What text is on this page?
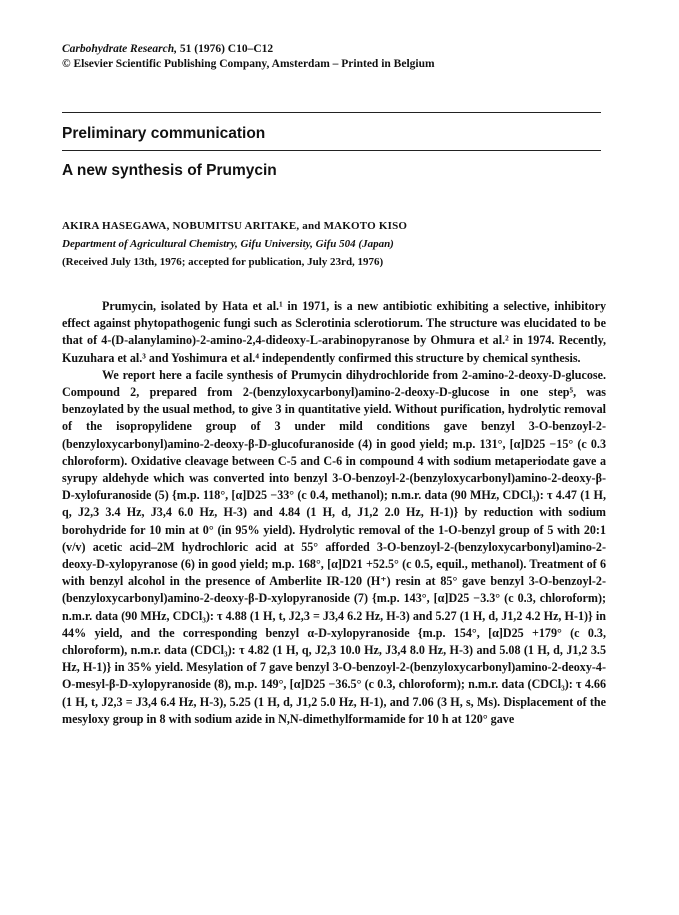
Carbohydrate Research, 51 (1976) C10–C12
© Elsevier Scientific Publishing Company, Amsterdam – Printed in Belgium
Preliminary communication
A new synthesis of Prumycin
AKIRA HASEGAWA, NOBUMITSU ARITAKE, and MAKOTO KISO
Department of Agricultural Chemistry, Gifu University, Gifu 504 (Japan)
(Received July 13th, 1976; accepted for publication, July 23rd, 1976)

Prumycin, isolated by Hata et al.¹ in 1971, is a new antibiotic exhibiting a selective, inhibitory effect against phytopathogenic fungi such as Sclerotinia sclerotiorum. The structure was elucidated to be that of 4-(D-alanylamino)-2-amino-2,4-dideoxy-L-arabinopyranose by Ohmura et al.² in 1974. Recently, Kuzuhara et al.³ and Yoshimura et al.⁴ independently confirmed this structure by chemical synthesis.

We report here a facile synthesis of Prumycin dihydrochloride from 2-amino-2-deoxy-D-glucose. Compound 2, prepared from 2-(benzyloxycarbonyl)amino-2-deoxy-D-glucose in one step⁵, was benzoylated by the usual method, to give 3 in quantitative yield. Without purification, hydrolytic removal of the isopropylidene group of 3 under mild conditions gave benzyl 3-O-benzoyl-2-(benzyloxycarbonyl)amino-2-deoxy-β-D-glucofuranoside (4) in good yield; m.p. 131°, [α]D25 −15° (c 0.3 chloroform). Oxidative cleavage between C-5 and C-6 in compound 4 with sodium metaperiodate gave a syrupy aldehyde which was converted into benzyl 3-O-benzoyl-2-(benzyloxycarbonyl)amino-2-deoxy-β-D-xylofuranoside (5) {m.p. 118°, [α]D25 −33° (c 0.4, methanol); n.m.r. data (90 MHz, CDCl₃): τ 4.47 (1 H, q, J2,3 3.4 Hz, J3,4 6.0 Hz, H-3) and 4.84 (1 H, d, J1,2 2.0 Hz, H-1)} by reduction with sodium borohydride for 10 min at 0° (in 95% yield). Hydrolytic removal of the 1-O-benzyl group of 5 with 20:1 (v/v) acetic acid–2M hydrochloric acid at 55° afforded 3-O-benzoyl-2-(benzyloxycarbonyl)amino-2-deoxy-D-xylopyranose (6) in good yield; m.p. 168°, [α]D21 +52.5° (c 0.5, equil., methanol). Treatment of 6 with benzyl alcohol in the presence of Amberlite IR-120 (H⁺) resin at 85° gave benzyl 3-O-benzoyl-2-(benzyloxycarbonyl)amino-2-deoxy-β-D-xylopyranoside (7) {m.p. 143°, [α]D25 −3.3° (c 0.3, chloroform); n.m.r. data (90 MHz, CDCl₃): τ 4.88 (1 H, t, J2,3 = J3,4 6.2 Hz, H-3) and 5.27 (1 H, d, J1,2 4.2 Hz, H-1)} in 44% yield, and the corresponding benzyl α-D-xylopyranoside {m.p. 154°, [α]D25 +179° (c 0.3, chloroform), n.m.r. data (CDCl₃): τ 4.82 (1 H, q, J2,3 10.0 Hz, J3,4 8.0 Hz, H-3) and 5.08 (1 H, d, J1,2 3.5 Hz, H-1)} in 35% yield. Mesylation of 7 gave benzyl 3-O-benzoyl-2-(benzyloxycarbonyl)amino-2-deoxy-4-O-mesyl-β-D-xylopyranoside (8), m.p. 149°, [α]D25 −36.5° (c 0.3, chloroform); n.m.r. data (CDCl₃): τ 4.66 (1 H, t, J2,3 = J3,4 6.4 Hz, H-3), 5.25 (1 H, d, J1,2 5.0 Hz, H-1), and 7.06 (3 H, s, Ms). Displacement of the mesyloxy group in 8 with sodium azide in N,N-dimethylformamide for 10 h at 120° gave
